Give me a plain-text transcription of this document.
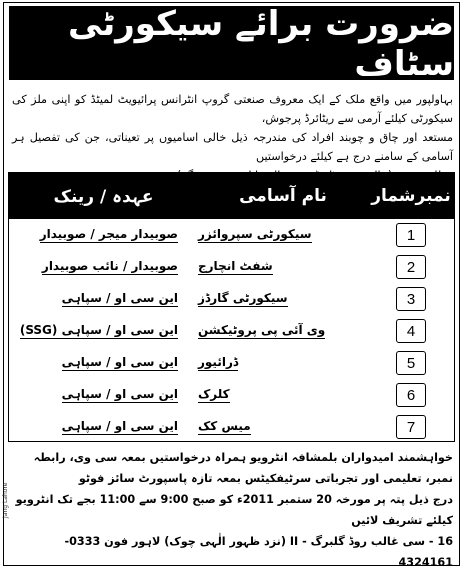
ضرورت برائے سیکورٹی سٹاف
بہاولپور میں واقع ملک کے ایک معروف صنعتی گروپ انٹرانس پرائیویٹ لمیٹڈ کو اپنی ملز کی سیکورٹی کیلئے آرمی سے ریٹائرڈ پرجوش،
مستعد اور چاق و چوبند افراد کی مندرجہ ذیل خالی اسامیوں پر تعیناتی، جن کی تفصیل ہر آسامی کے سامنے درج ہے کیلئے درخواستیں
نمبرشمار
نام آسامی
عہدہ / رینک
1
سیکورٹی سپروائزر
صوبیدار میجر / صوبیدار
2
شفٹ انچارج
صوبیدار / نائب صوبیدار
3
سیکورٹی گارڈز
این سی او / سپاہی
4
وی آئی پی پروٹیکشن
این سی او / سپاہی (SSG)
5
ڈرائیور
این سی او / سپاہی
6
کلرک
این سی او / سپاہی
7
میس کک
این سی او / سپاہی
خواہشمند امیدواران بلمشافہ انٹرویو ہمراہ درخواستیں بمعہ سی وی، رابطہ نمبر، تعلیمی اور تجرباتی سرٹیفکیٹس بمعہ تازہ پاسپورٹ سائز فوٹو
درج ذیل پتہ پر مورخہ 20 ستمبر 2011ء کو صبح 9:00 سے 11:00 بجے تک انٹرویو کیلئے تشریف لائیں
16 - سی غالب روڈ گلبرگ - II (نزد ظہور الٰہی چوک) لاہور فون 0333-4324161
Jang Lahore
